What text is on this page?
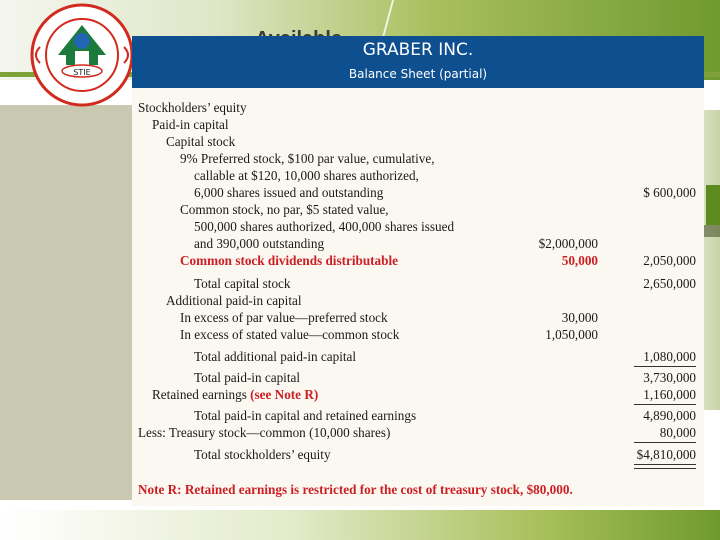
STIE
GRABER INC.
Balance Sheet (partial)
Stockholders’ equity
Paid-in capital
Capital stock
9% Preferred stock, $100 par value, cumulative,
callable at $120, 10,000 shares authorized,
6,000 shares issued and outstanding	$ 600,000
Common stock, no par, $5 stated value,
500,000 shares authorized, 400,000 shares issued
and 390,000 outstanding	$2,000,000
Common stock dividends distributable	50,000	2,050,000
Total capital stock	2,650,000
Additional paid-in capital
In excess of par value—preferred stock	30,000
In excess of stated value—common stock	1,050,000
Total additional paid-in capital	1,080,000
Total paid-in capital	3,730,000
Retained earnings (see Note R)	1,160,000
Total paid-in capital and retained earnings	4,890,000
Less: Treasury stock—common (10,000 shares)	80,000
Total stockholders’ equity	$4,810,000
Note R: Retained earnings is restricted for the cost of treasury stock, $80,000.
